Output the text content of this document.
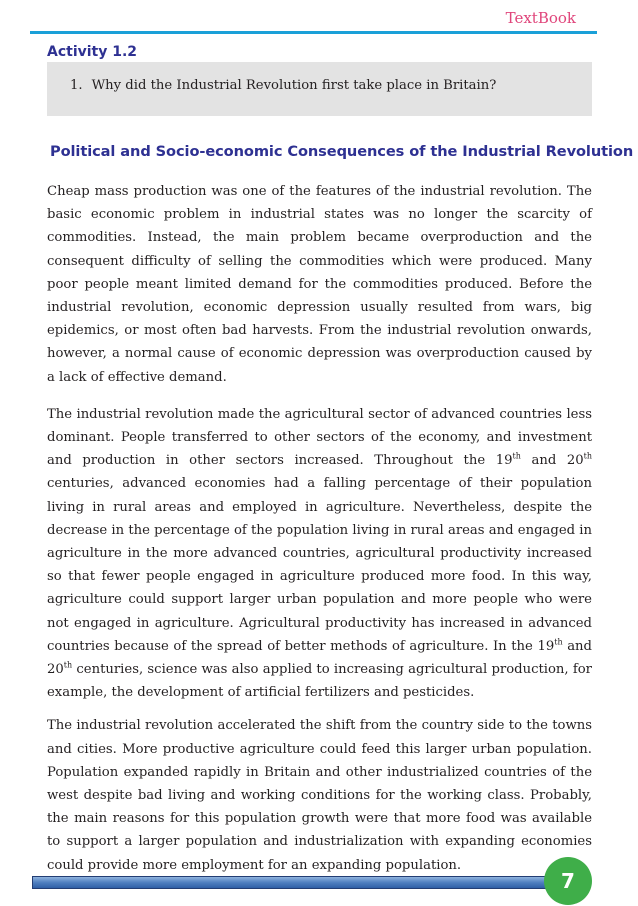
TextBook
Activity 1.2
1. Why did the Industrial Revolution first take place in Britain?
Political and Socio-economic Consequences of the Industrial Revolution

Cheap mass production was one of the features of the industrial revolution. The basic economic problem in industrial states was no longer the scarcity of commodities. Instead, the main problem became overproduction and the consequent difficulty of selling the commodities which were produced. Many poor people meant limited demand for the commodities produced. Before the industrial revolution, economic depression usually resulted from wars, big epidemics, or most often bad harvests. From the industrial revolution onwards, however, a normal cause of economic depression was overproduction caused by a lack of effective demand.

The industrial revolution made the agricultural sector of advanced countries less dominant. People transferred to other sectors of the economy, and investment and production in other sectors increased. Throughout the 19th and 20th centuries, advanced economies had a falling percentage of their population living in rural areas and employed in agriculture. Nevertheless, despite the decrease in the percentage of the population living in rural areas and engaged in agriculture in the more advanced countries, agricultural productivity increased so that fewer people engaged in agriculture produced more food. In this way, agriculture could support larger urban population and more people who were not engaged in agriculture. Agricultural productivity has increased in advanced countries because of the spread of better methods of agriculture. In the 19th and 20th centuries, science was also applied to increasing agricultural production, for example, the development of artificial fertilizers and pesticides.

The industrial revolution accelerated the shift from the country side to the towns and cities. More productive agriculture could feed this larger urban population. Population expanded rapidly in Britain and other industrialized countries of the west despite bad living and working conditions for the working class. Probably, the main reasons for this population growth were that more food was available to support a larger population and industrialization with expanding economies could provide more employment for an expanding population.

7
